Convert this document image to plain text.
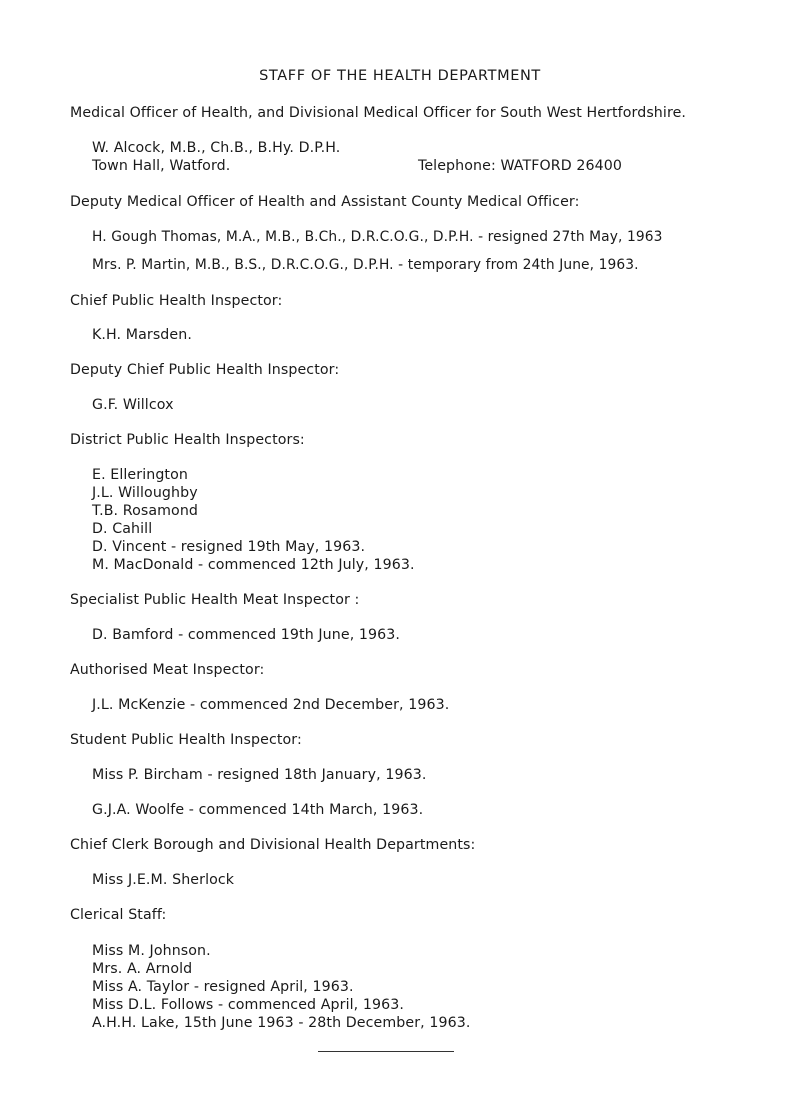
STAFF OF THE HEALTH DEPARTMENT
Medical Officer of Health, and Divisional Medical Officer for South West Hertfordshire.
W. Alcock, M.B., Ch.B., B.Hy. D.P.H.
Town Hall, Watford.	Telephone: WATFORD 26400
Deputy Medical Officer of Health and Assistant County Medical Officer:
H. Gough Thomas, M.A., M.B., B.Ch., D.R.C.O.G., D.P.H. - resigned 27th May, 1963
Mrs. P. Martin, M.B., B.S., D.R.C.O.G., D.P.H. - temporary from 24th June, 1963.
Chief Public Health Inspector:
K.H. Marsden.
Deputy Chief Public Health Inspector:
G.F. Willcox
District Public Health Inspectors:
E. Ellerington
J.L. Willoughby
T.B. Rosamond
D. Cahill
D. Vincent - resigned 19th May, 1963.
M. MacDonald - commenced 12th July, 1963.
Specialist Public Health Meat Inspector :
D. Bamford - commenced 19th June, 1963.
Authorised Meat Inspector:
J.L. McKenzie - commenced 2nd December, 1963.
Student Public Health Inspector:
Miss P. Bircham - resigned 18th January, 1963.
G.J.A. Woolfe - commenced 14th March, 1963.
Chief Clerk Borough and Divisional Health Departments:
Miss J.E.M. Sherlock
Clerical Staff:
Miss M. Johnson.
Mrs. A. Arnold
Miss A. Taylor - resigned April, 1963.
Miss D.L. Follows - commenced April, 1963.
A.H.H. Lake, 15th June 1963 - 28th December, 1963.
